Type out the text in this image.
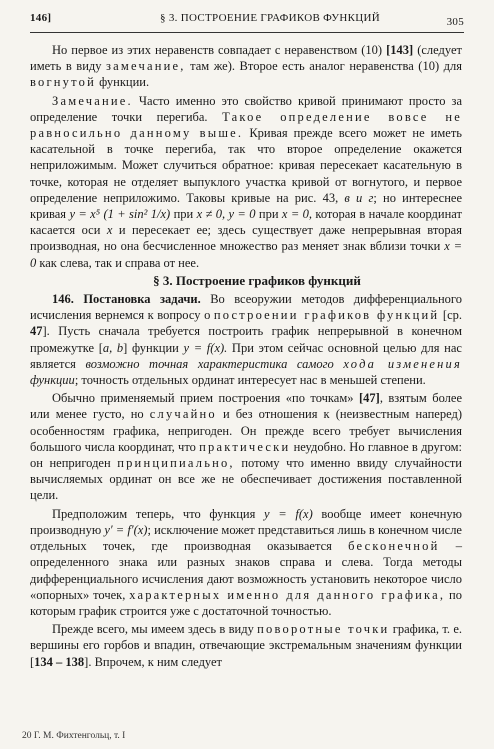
146]	§ 3. ПОСТРОЕНИЕ ГРАФИКОВ ФУНКЦИЙ	305

Но первое из этих неравенств совпадает с неравенством (10) [143] (следует иметь в виду замечание, там же). Второе есть аналог неравенства (10) для вогнутой функции.

Замечание. Часто именно это свойство кривой принимают просто за определение точки перегиба. Такое определение вовсе не равносильно данному выше. Кривая прежде всего может не иметь касательной в точке перегиба, так что второе определение окажется неприложимым. Может случиться обратное: кривая пересекает касательную в точке, которая не отделяет выпуклого участка кривой от вогнутого, и первое определение неприложимо. Таковы кривые на рис. 43, в и г; но интереснее кривая y = x⁵ (1 + sin² 1/x) при x ≠ 0, y = 0 при x = 0, которая в начале координат касается оси x и пересекает ее; здесь существует даже непрерывная вторая производная, но она бесчисленное множество раз меняет знак вблизи точки x = 0 как слева, так и справа от нее.

§ 3. Построение графиков функций

146. Постановка задачи. Во всеоружии методов дифференциального исчисления вернемся к вопросу о построении графиков функций [ср. 47]. Пусть сначала требуется построить график непрерывной в конечном промежутке [a, b] функции y = f(x). При этом сейчас основной целью для нас является возможно точная характеристика самого хода изменения функции; точность отдельных ординат интересует нас в меньшей степени.

Обычно применяемый прием построения «по точкам» [47], взятым более или менее густо, но случайно и без отношения к (неизвестным наперед) особенностям графика, непригоден. Он прежде всего требует вычисления большого числа координат, что практически неудобно. Но главное в другом: он непригоден принципиально, потому что именно ввиду случайности вычисляемых ординат он все же не обеспечивает достижения поставленной цели.

Предположим теперь, что функция y = f(x) вообще имеет конечную производную y′ = f′(x); исключение может представиться лишь в конечном числе отдельных точек, где производная оказывается бесконечной – определенного знака или разных знаков справа и слева. Тогда методы дифференциального исчисления дают возможность установить некоторое число «опорных» точек, характерных именно для данного графика, по которым график строится уже с достаточной точностью.

Прежде всего, мы имеем здесь в виду поворотные точки графика, т. е. вершины его горбов и впадин, отвечающие экстремальным значениям функции [134 – 138]. Впрочем, к ним следует

20 Г. М. Фихтенгольц, т. I
